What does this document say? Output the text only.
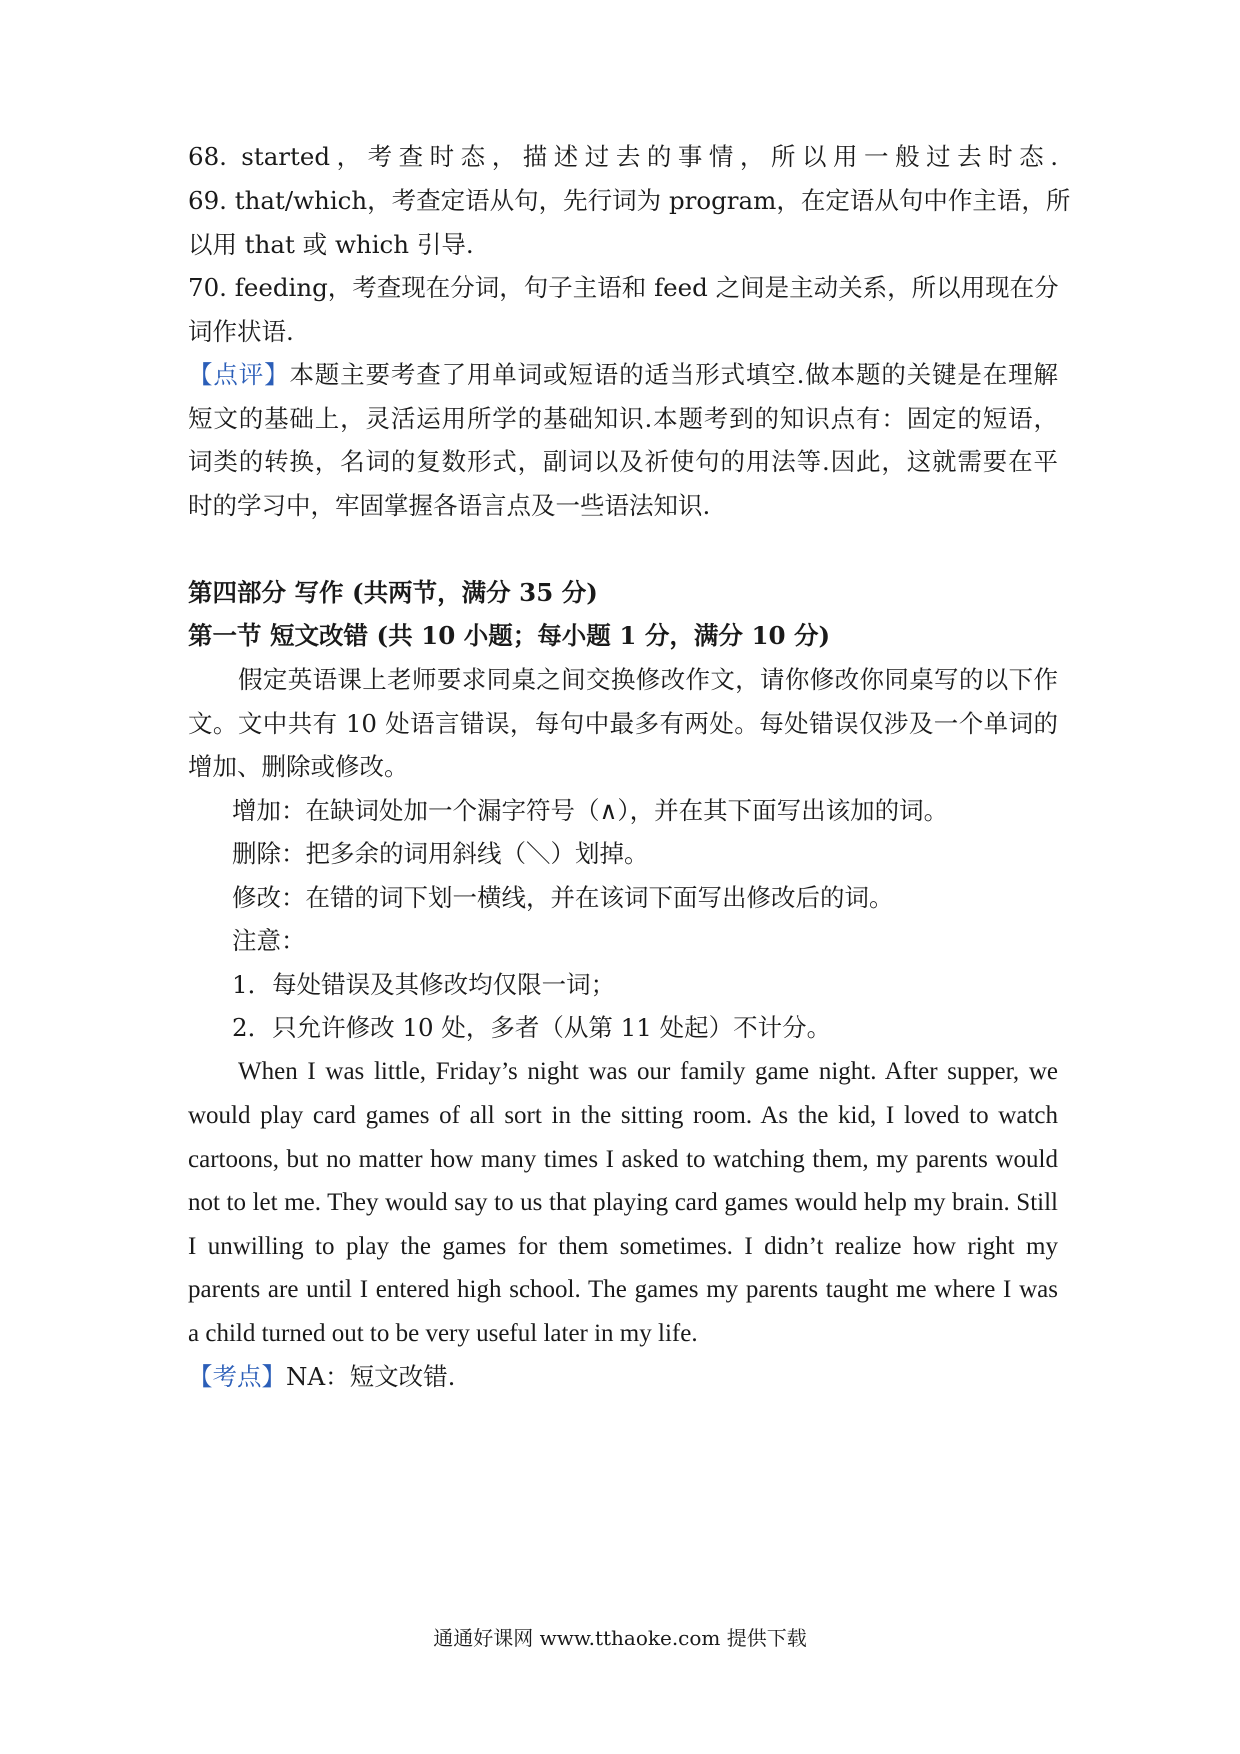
68. started，考查时态，描述过去的事情，所以用一般过去时态.
69. that/which，考查定语从句，先行词为 program，在定语从句中作主语，所
以用 that 或 which 引导.
70. feeding，考查现在分词，句子主语和 feed 之间是主动关系，所以用现在分
词作状语.
【点评】本题主要考查了用单词或短语的适当形式填空.做本题的关键是在理解
短文的基础上，灵活运用所学的基础知识.本题考到的知识点有：固定的短语，
词类的转换，名词的复数形式，副词以及祈使句的用法等.因此，这就需要在平
时的学习中，牢固掌握各语言点及一些语法知识.
第四部分 写作 (共两节，满分 35 分)
第一节 短文改错 (共 10 小题；每小题 1 分，满分 10 分)
假定英语课上老师要求同桌之间交换修改作文，请你修改你同桌写的以下作
文。文中共有 10 处语言错误，每句中最多有两处。每处错误仅涉及一个单词的
增加、删除或修改。
增加：在缺词处加一个漏字符号（∧），并在其下面写出该加的词。
删除：把多余的词用斜线（＼）划掉。
修改：在错的词下划一横线，并在该词下面写出修改后的词。
注意：
1．每处错误及其修改均仅限一词；
2．只允许修改 10 处，多者（从第 11 处起）不计分。
When I was little, Friday’s night was our family game night. After supper, we
would play card games of all sort in the sitting room. As the kid, I loved to watch
cartoons, but no matter how many times I asked to watching them, my parents would
not to let me. They would say to us that playing card games would help my brain. Still
I unwilling to play the games for them sometimes. I didn’t realize how right my
parents are until I entered high school. The games my parents taught me where I was
a child turned out to be very useful later in my life.
【考点】NA：短文改错.
通通好课网 www.tthaoke.com 提供下载
